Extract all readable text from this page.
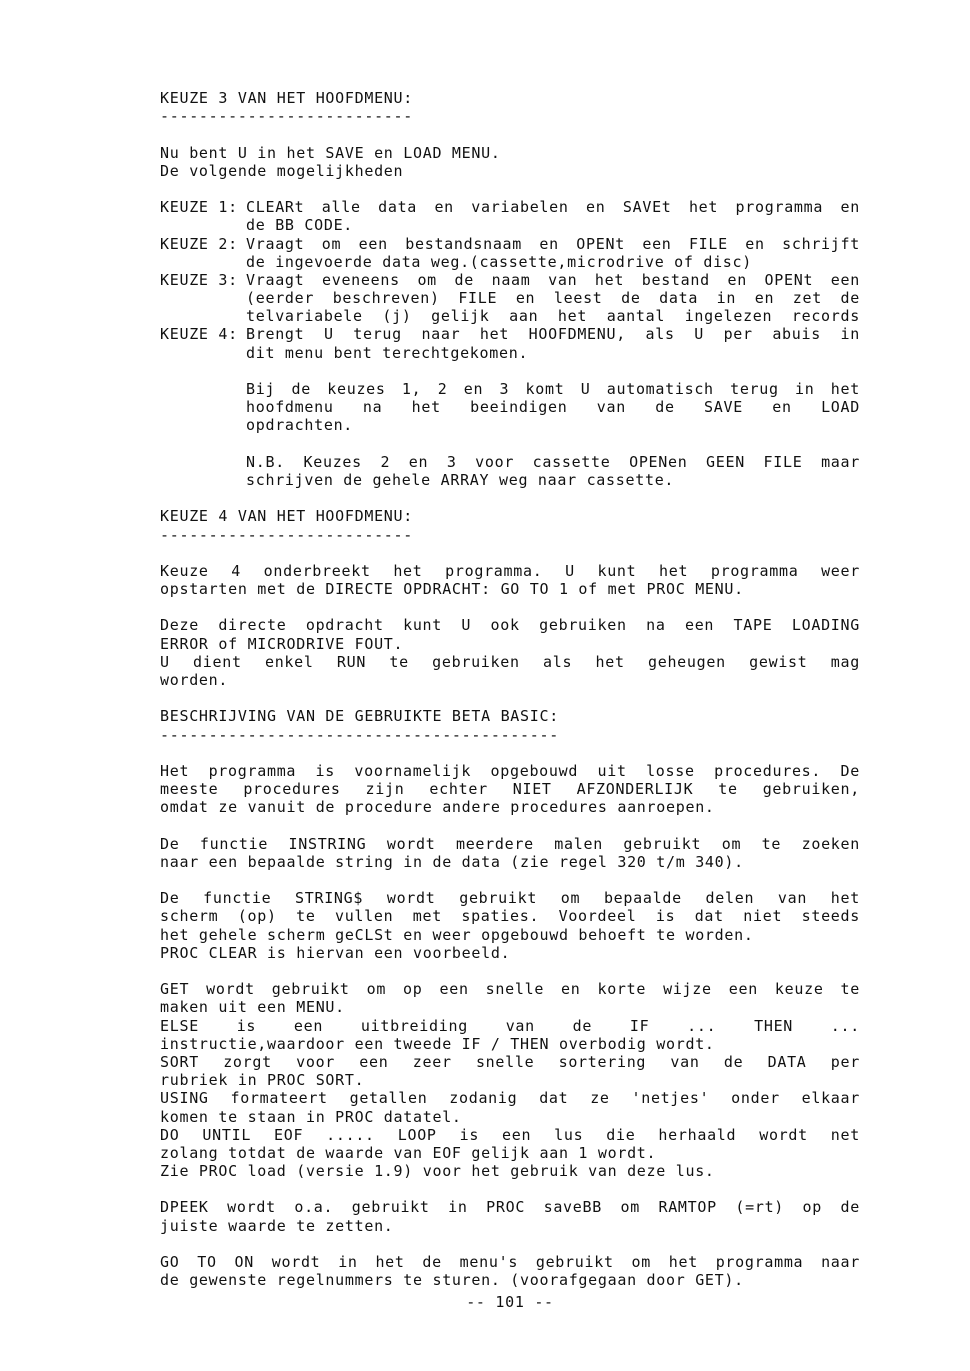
KEUZE 3 VAN HET HOOFDMENU:
--------------------------
Nu bent U in het SAVE en LOAD MENU.
De volgende mogelijkheden
KEUZE 1: CLEARt alle data en variabelen en SAVEt het programma en
de BB CODE.
KEUZE 2: Vraagt om een bestandsnaam en OPENt een FILE en schrijft
de ingevoerde data weg.(cassette,microdrive of disc)
KEUZE 3: Vraagt eveneens om de naam van het bestand en OPENt een
(eerder beschreven) FILE en leest de data in en zet de
telvariabele (j) gelijk aan het aantal ingelezen records
KEUZE 4: Brengt U terug naar het HOOFDMENU, als U per abuis in
dit menu bent terechtgekomen.
Bij de keuzes 1, 2 en 3 komt U automatisch terug in het
hoofdmenu na het beeindigen van de SAVE en LOAD
opdrachten.
N.B. Keuzes 2 en 3 voor cassette OPENen GEEN FILE maar
schrijven de gehele ARRAY weg naar cassette.
KEUZE 4 VAN HET HOOFDMENU:
--------------------------
Keuze 4 onderbreekt het programma. U kunt het programma weer
opstarten met de DIRECTE OPDRACHT: GO TO 1 of met PROC MENU.
Deze directe opdracht kunt U ook gebruiken na een TAPE LOADING
ERROR of MICRODRIVE FOUT.
U dient enkel RUN te gebruiken als het geheugen gewist mag
worden.
BESCHRIJVING VAN DE GEBRUIKTE BETA BASIC:
-----------------------------------------
Het programma is voornamelijk opgebouwd uit losse procedures. De
meeste procedures zijn echter NIET AFZONDERLIJK te gebruiken,
omdat ze vanuit de procedure andere procedures aanroepen.
De functie INSTRING wordt meerdere malen gebruikt om te zoeken
naar een bepaalde string in de data (zie regel 320 t/m 340).
De functie STRING$ wordt gebruikt om bepaalde delen van het
scherm (op) te vullen met spaties. Voordeel is dat niet steeds
het gehele scherm geCLSt en weer opgebouwd behoeft te worden.
PROC CLEAR is hiervan een voorbeeld.
GET wordt gebruikt om op een snelle en korte wijze een keuze te
maken uit een MENU.
ELSE is een uitbreiding van de IF ... THEN ...
instructie,waardoor een tweede IF / THEN overbodig wordt.
SORT zorgt voor een zeer snelle sortering van de DATA per
rubriek in PROC SORT.
USING formateert getallen zodanig dat ze 'netjes' onder elkaar
komen te staan in PROC datatel.
DO UNTIL EOF ..... LOOP is een lus die herhaald wordt net
zolang totdat de waarde van EOF gelijk aan 1 wordt.
Zie PROC load (versie 1.9) voor het gebruik van deze lus.
DPEEK wordt o.a. gebruikt in PROC saveBB om RAMTOP (=rt) op de
juiste waarde te zetten.
GO TO ON wordt in het de menu's gebruikt om het programma naar
de gewenste regelnummers te sturen. (voorafgegaan door GET).
-- 101 --
